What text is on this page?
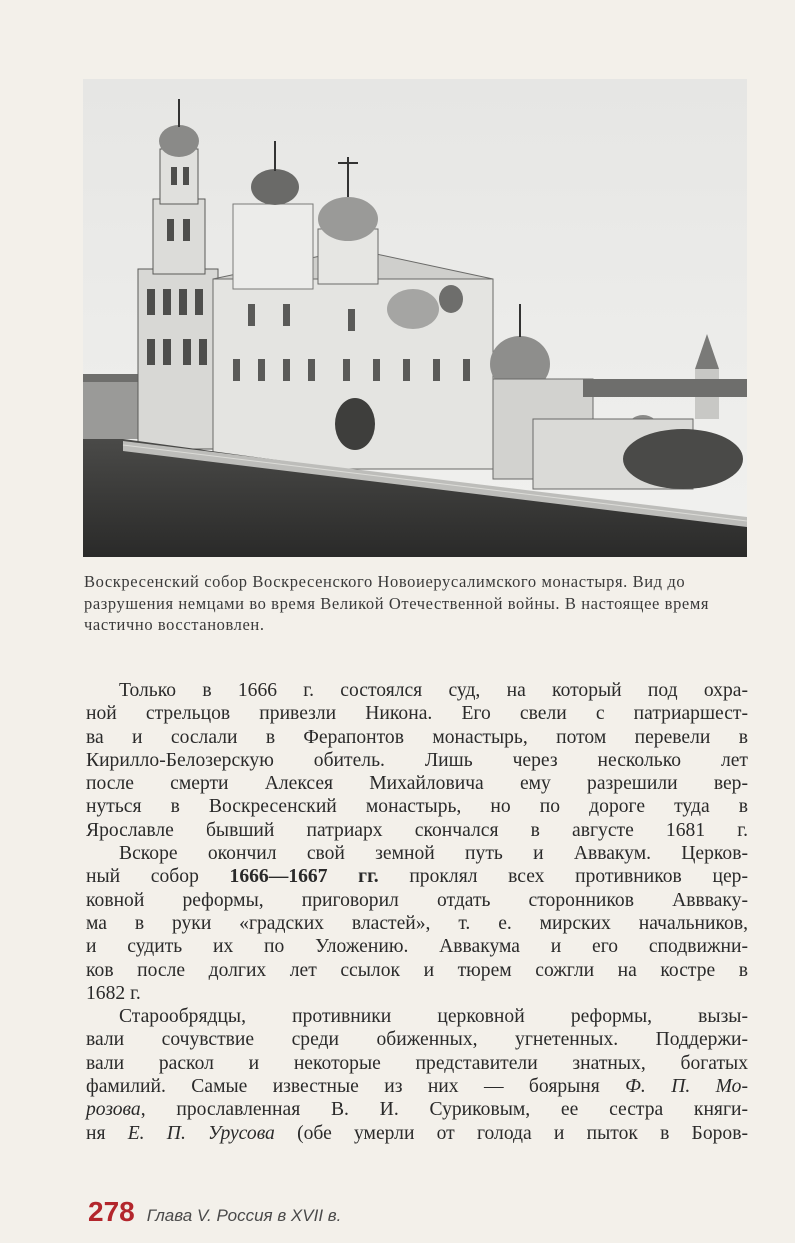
Воскресенский собор Воскресенского Новоиерусалимского монастыря. Вид до разрушения немцами во время Великой Отечественной войны. В настоящее время частично восстановлен.

Только в 1666 г. состоялся суд, на который под охра-
ной стрельцов привезли Никона. Его свели с патриаршест-
ва и сослали в Ферапонтов монастырь, потом перевели в
Кирилло-Белозерскую обитель. Лишь через несколько лет
после смерти Алексея Михайловича ему разрешили вер-
нуться в Воскресенский монастырь, но по дороге туда в
Ярославле бывший патриарх скончался в августе 1681 г.
Вскоре окончил свой земной путь и Аввакум. Церков-
ный собор 1666—1667 гг. проклял всех противников цер-
ковной реформы, приговорил отдать сторонников Аввваку-
ма в руки «градских властей», т. е. мирских начальников,
и судить их по Уложению. Аввакума и его сподвижни-
ков после долгих лет ссылок и тюрем сожгли на костре в
1682 г.
Старообрядцы, противники церковной реформы, вызы-
вали сочувствие среди обиженных, угнетенных. Поддержи-
вали раскол и некоторые представители знатных, богатых
фамилий. Самые известные из них — боярыня Ф. П. Мо-
розова, прославленная В. И. Суриковым, ее сестра княги-
ня Е. П. Урусова (обе умерли от голода и пыток в Боров-
278 Глава V. Россия в XVII в.
